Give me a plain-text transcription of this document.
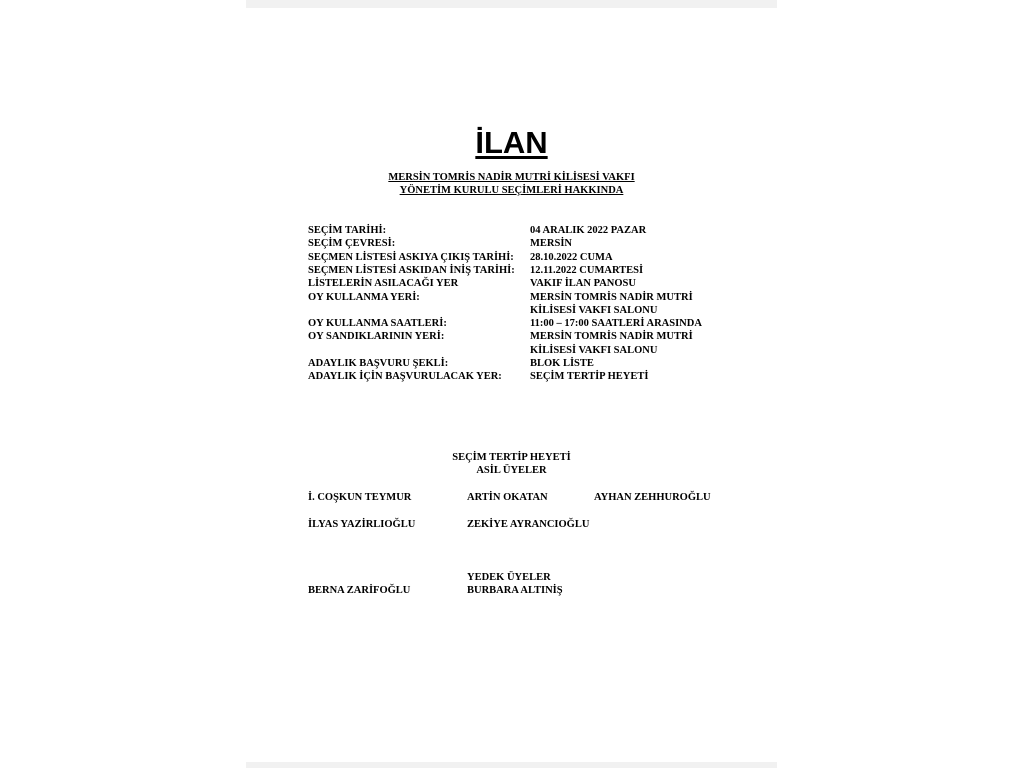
İLAN
MERSİN TOMRİS NADİR MUTRİ KİLİSESİ VAKFI
YÖNETİM KURULU SEÇİMLERİ HAKKINDA
SEÇİM TARİHİ:	04 ARALIK 2022 PAZAR
SEÇİM ÇEVRESİ:	MERSİN
SEÇMEN LİSTESİ ASKIYA ÇIKIŞ TARİHİ: 28.10.2022 CUMA
SEÇMEN LİSTESİ ASKIDAN İNİŞ TARİHİ: 12.11.2022 CUMARTESİ
LİSTELERİN ASILACAĞI YER	VAKIF İLAN PANOSU
OY KULLANMA YERİ:	MERSİN TOMRİS NADİR MUTRİ
KİLİSESİ VAKFI SALONU
OY KULLANMA SAATLERİ:	11:00 – 17:00 SAATLERİ ARASINDA
OY SANDIKLARININ YERİ:	MERSİN TOMRİS NADİR MUTRİ
KİLİSESİ VAKFI SALONU
ADAYLIK BAŞVURU ŞEKLİ:	BLOK LİSTE
ADAYLIK İÇİN BAŞVURULACAK YER:	SEÇİM TERTİP HEYETİ
SEÇİM TERTİP HEYETİ
ASİL ÜYELER
İ. COŞKUN TEYMUR	ARTİN OKATAN	AYHAN ZEHHUROĞLU
İLYAS YAZİRLIOĞLU	ZEKİYE AYRANCIOĞLU
YEDEK ÜYELER
BERNA ZARİFOĞLU	BURBARA ALTINİŞ
